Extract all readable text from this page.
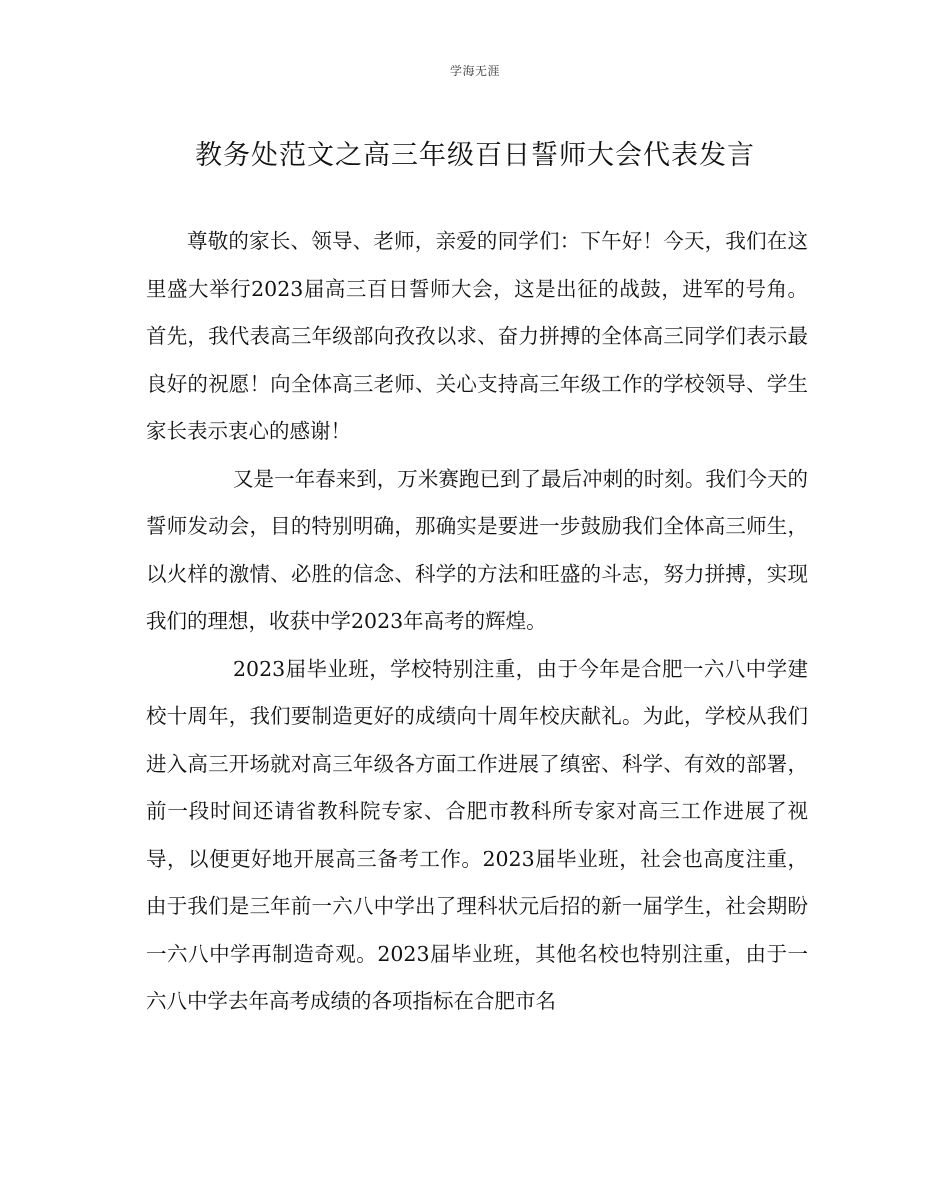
学海无涯
教务处范文之高三年级百日誓师大会代表发言

尊敬的家长、领导、老师，亲爱的同学们：下午好！今天，我们在这里盛大举行2023届高三百日誓师大会，这是出征的战鼓，进军的号角。首先，我代表高三年级部向孜孜以求、奋力拼搏的全体高三同学们表示最良好的祝愿！向全体高三老师、关心支持高三年级工作的学校领导、学生家长表示衷心的感谢！

又是一年春来到，万米赛跑已到了最后冲刺的时刻。我们今天的誓师发动会，目的特别明确，那确实是要进一步鼓励我们全体高三师生，以火样的激情、必胜的信念、科学的方法和旺盛的斗志，努力拼搏，实现我们的理想，收获中学2023年高考的辉煌。

2023届毕业班，学校特别注重，由于今年是合肥一六八中学建校十周年，我们要制造更好的成绩向十周年校庆献礼。为此，学校从我们进入高三开场就对高三年级各方面工作进展了缜密、科学、有效的部署，前一段时间还请省教科院专家、合肥市教科所专家对高三工作进展了视导，以便更好地开展高三备考工作。2023届毕业班，社会也高度注重，由于我们是三年前一六八中学出了理科状元后招的新一届学生，社会期盼一六八中学再制造奇观。2023届毕业班，其他名校也特别注重，由于一六八中学去年高考成绩的各项指标在合肥市名
